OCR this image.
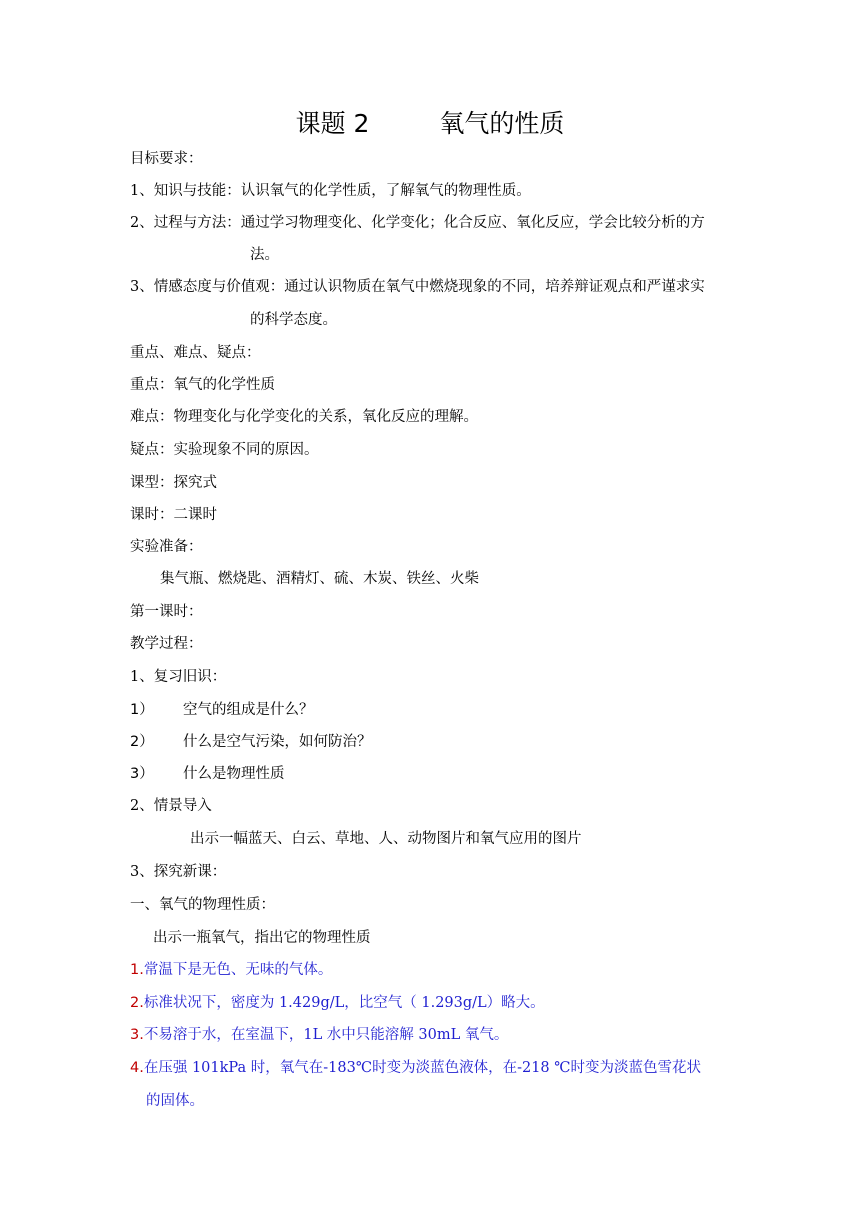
课题 2	氧气的性质
目标要求：
1、知识与技能：认识氧气的化学性质，了解氧气的物理性质。
2、过程与方法：通过学习物理变化、化学变化；化合反应、氧化反应，学会比较分析的方
法。
3、情感态度与价值观：通过认识物质在氧气中燃烧现象的不同，培养辩证观点和严谨求实
的科学态度。
重点、难点、疑点：
重点：氧气的化学性质
难点：物理变化与化学变化的关系，氧化反应的理解。
疑点：实验现象不同的原因。
课型：探究式
课时：二课时
实验准备：
集气瓶、燃烧匙、酒精灯、硫、木炭、铁丝、火柴
第一课时：
教学过程：
1、复习旧识：
1） 空气的组成是什么？
2） 什么是空气污染，如何防治？
3） 什么是物理性质
2、情景导入
出示一幅蓝天、白云、草地、人、动物图片和氧气应用的图片
3、探究新课：
一、氧气的物理性质：
出示一瓶氧气，指出它的物理性质
1.常温下是无色、无味的气体。
2.标准状况下，密度为 1.429g/L，比空气（ 1.293g/L）略大。
3.不易溶于水，在室温下，1L 水中只能溶解 30mL 氧气。
4.在压强 101kPa 时，氧气在-183℃时变为淡蓝色液体，在-218 ℃时变为淡蓝色雪花状
的固体。
